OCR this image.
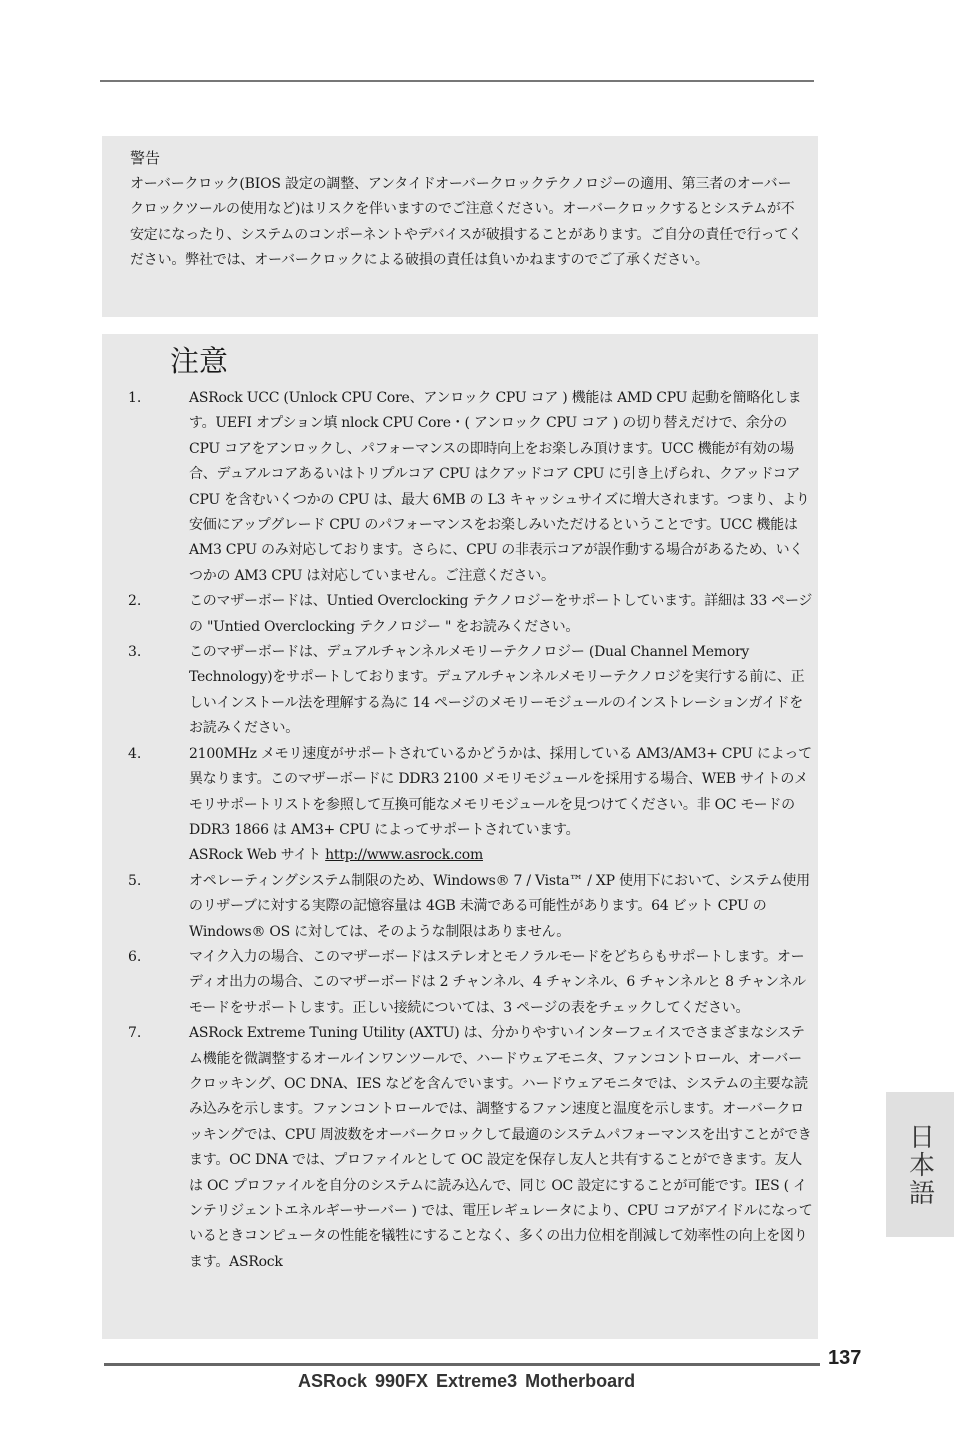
警告
オーバークロック(BIOS 設定の調整、アンタイドオーバークロックテクノロジーの適用、第三者のオーバークロックツールの使用など)はリスクを伴いますのでご注意ください。オーバークロックするとシステムが不安定になったり、システムのコンポーネントやデバイスが破損することがあります。ご自分の責任で行ってください。弊社では、オーバークロックによる破損の責任は負いかねますのでご了承ください。
注意
1.	ASRock UCC (Unlock CPU Core、アンロック CPU コア ) 機能は AMD CPU 起動を簡略化します。UEFI オプション填 nlock CPU Core・( アンロック CPU コア ) の切り替えだけで、余分の CPU コアをアンロックし、パフォーマンスの即時向上をお楽しみ頂けます。UCC 機能が有効の場合、デュアルコアあるいはトリプルコア CPU はクアッドコア CPU に引き上げられ、クアッドコア CPU を含むいくつかの CPU は、最大 6MB の L3 キャッシュサイズに増大されます。つまり、より安価にアップグレード CPU のパフォーマンスをお楽しみいただけるということです。UCC 機能は AM3 CPU のみ対応しております。さらに、CPU の非表示コアが誤作動する場合があるため、いくつかの AM3 CPU は対応していません。ご注意ください。
2.	このマザーボードは、Untied Overclocking テクノロジーをサポートしています。詳細は 33 ページの "Untied Overclocking テクノロジー " をお読みください。
3.	このマザーボードは、デュアルチャンネルメモリーテクノロジー (Dual Channel Memory Technology)をサポートしております。デュアルチャンネルメモリーテクノロジを実行する前に、正しいインストール法を理解する為に 14 ページのメモリーモジュールのインストレーションガイドをお読みください。
4.	2100MHz メモリ速度がサポートされているかどうかは、採用している AM3/AM3+ CPU によって異なります。このマザーボードに DDR3 2100 メモリモジュールを採用する場合、WEB サイトのメモリサポートリストを参照して互換可能なメモリモジュールを見つけてください。非 OC モードの DDR3 1866 は AM3+ CPU によってサポートされています。
ASRock Web サイト http://www.asrock.com
5.	オペレーティングシステム制限のため、Windows® 7 / Vista™ / XP 使用下において、システム使用のリザーブに対する実際の記憶容量は 4GB 未満である可能性があります。64 ビット CPU の Windows® OS に対しては、そのような制限はありません。
6.	マイク入力の場合、このマザーボードはステレオとモノラルモードをどちらもサポートします。オーディオ出力の場合、このマザーボードは 2 チャンネル、4 チャンネル、6 チャンネルと 8 チャンネルモードをサポートします。正しい接続については、3 ページの表をチェックしてください。
7.	ASRock Extreme Tuning Utility (AXTU) は、分かりやすいインターフェイスでさまざまなシステム機能を微調整するオールインワンツールで、ハードウェアモニタ、ファンコントロール、オーバークロッキング、OC DNA、IES などを含んでいます。ハードウェアモニタでは、システムの主要な読み込みを示します。ファンコントロールでは、調整するファン速度と温度を示します。オーバークロッキングでは、CPU 周波数をオーバークロックして最適のシステムパフォーマンスを出すことができます。OC DNA では、プロファイルとして OC 設定を保存し友人と共有することができます。友人は OC プロファイルを自分のシステムに読み込んで、同じ OC 設定にすることが可能です。IES ( インテリジェントエネルギーサーバー ) では、電圧レギュレータにより、CPU コアがアイドルになっているときコンピュータの性能を犠牲にすることなく、多くの出力位相を削減して効率性の向上を図ります。ASRock
日本語
137
ASRock 990FX Extreme3 Motherboard
